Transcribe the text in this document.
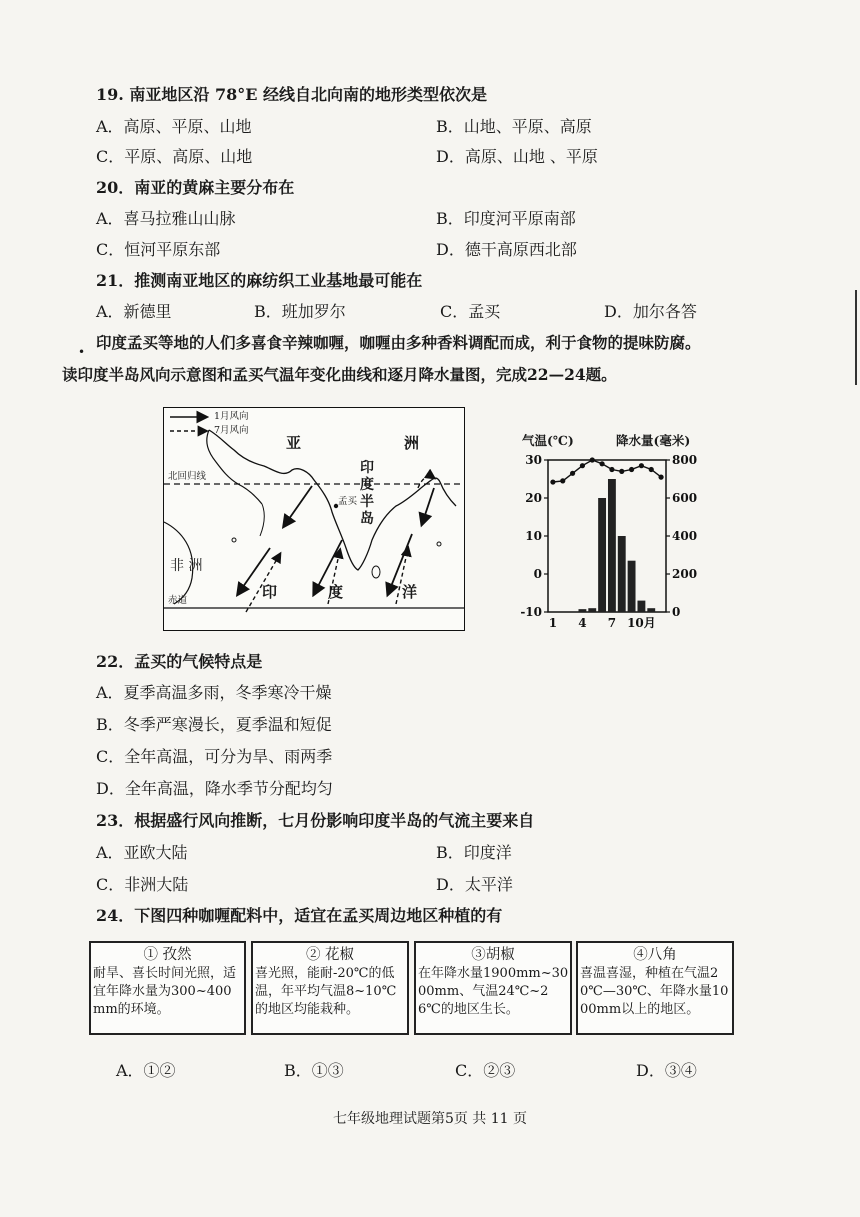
19. 南亚地区沿 78°E 经线自北向南的地形类型依次是
A．高原、平原、山地	B．山地、平原、高原
C．平原、高原、山地	D．高原、山地 、平原
20．南亚的黄麻主要分布在
A．喜马拉雅山山脉	B．印度河平原南部
C．恒河平原东部	D．德干高原西北部
21．推测南亚地区的麻纺织工业基地最可能在
A．新德里	B．班加罗尔	C．孟买	D．加尔各答
• 印度孟买等地的人们多喜食辛辣咖喱，咖喱由多种香料调配而成，利于食物的提味防腐。
读印度半岛风向示意图和孟买气温年变化曲线和逐月降水量图，完成22—24题。
1月风向
7月风向
亚	洲
北回归线
印度半岛
孟买
非 洲
赤道	印	度	洋
气温(℃)	降水量(毫米)
30
20
10
0
-10
800
600
400
200
0
1 4 7 10月
22．孟买的气候特点是
A．夏季高温多雨，冬季寒冷干燥
B．冬季严寒漫长，夏季温和短促
C．全年高温，可分为旱、雨两季
D．全年高温，降水季节分配均匀
23．根据盛行风向推断，七月份影响印度半岛的气流主要来自
A．亚欧大陆	B．印度洋
C．非洲大陆	D．太平洋
24．下图四种咖喱配料中，适宜在孟买周边地区种植的有
① 孜然
耐旱、喜长时间光照，适宜年降水量为300~400mm的环境。
② 花椒
喜光照，能耐-20℃的低温，年平均气温8~10℃的地区均能栽种。
③胡椒
在年降水量1900mm~3000mm、气温24℃~26℃的地区生长。
④八角
喜温喜湿，种植在气温20℃—30℃、年降水量1000mm以上的地区。
A．①②	B．①③	C．②③	D．③④
七年级地理试题第5页 共 11 页
